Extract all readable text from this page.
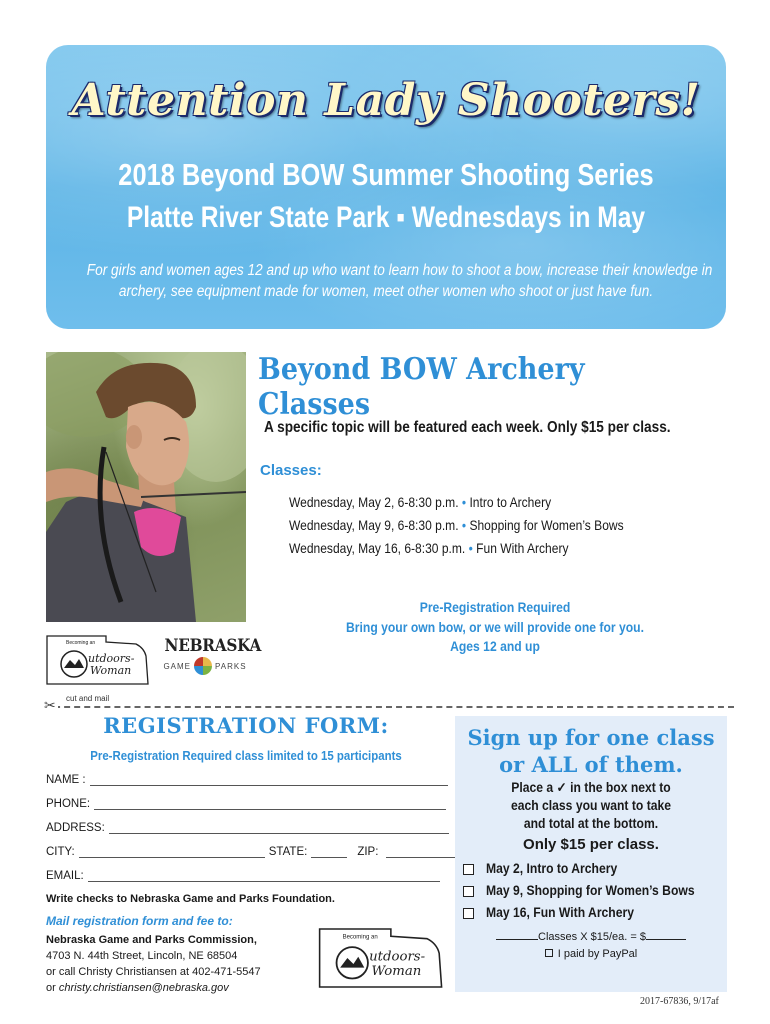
Attention Lady Shooters!
2018 Beyond BOW Summer Shooting Series
Platte River State Park ▪ Wednesdays in May
For girls and women ages 12 and up who want to learn how to shoot a bow, increase their knowledge in
archery, see equipment made for women, meet other women who shoot or just have fun.
Beyond BOW Archery Classes
A specific topic will be featured each week. Only $15 per class.
Classes:
Wednesday, May 2, 6-8:30 p.m. • Intro to Archery
Wednesday, May 9, 6-8:30 p.m. • Shopping for Women’s Bows
Wednesday, May 16, 6-8:30 p.m. • Fun With Archery
Pre-Registration Required
Bring your own bow, or we will provide one for you.
Ages 12 and up
Becoming an
utdoors-
Woman
NEBRASKA
GAME	PARKS
✂ cut and mail
REGISTRATION FORM:
Pre-Registration Required class limited to 15 participants
NAME :
PHONE:
ADDRESS:
CITY:	STATE:	ZIP:
EMAIL:
Write checks to Nebraska Game and Parks Foundation.
Mail registration form and fee to:
Nebraska Game and Parks Commission,
4703 N. 44th Street, Lincoln, NE 68504
or call Christy Christiansen at 402-471-5547
or christy.christiansen@nebraska.gov
Becoming an
utdoors-
Woman
Sign up for one class
or ALL of them.
Place a ✓ in the box next to
each class you want to take
and total at the bottom.
Only $15 per class.
May 2, Intro to Archery
May 9, Shopping for Women’s Bows
May 16, Fun With Archery
Classes X $15/ea. = $
I paid by PayPal
2017-67836, 9/17af
